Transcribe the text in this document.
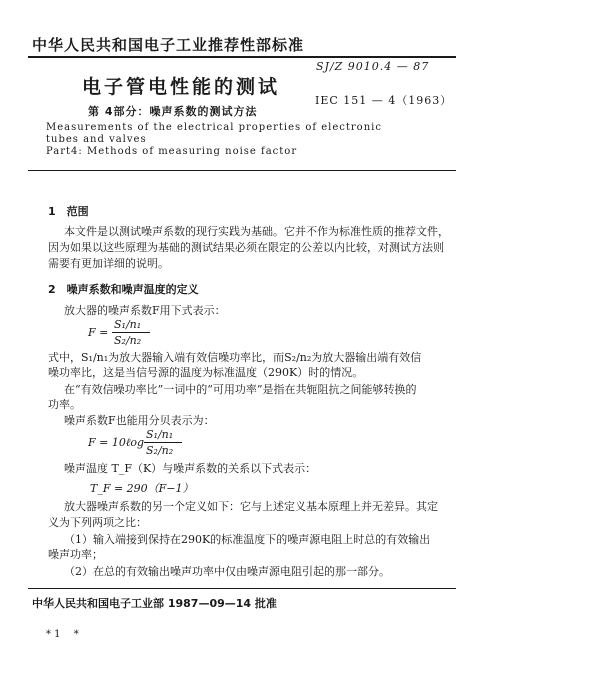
中华人民共和国电子工业推荐性部标准
SJ/Z 9010.4 — 87
电子管电性能的测试
IEC 151 — 4（1963）
第 4部分：噪声系数的测试方法
Measurements of the electrical properties of electronic
tubes and valves
Part4: Methods of measuring noise factor
1　范围
本文件是以测试噪声系数的现行实践为基础。它并不作为标准性质的推荐文件，
因为如果以这些原理为基础的测试结果必须在限定的公差以内比较，对测试方法则
需要有更加详细的说明。
2　噪声系数和噪声温度的定义
放大器的噪声系数F用下式表示：
F =
S₁/n₁
S₂/n₂
式中，S₁/n₁为放大器输入端有效信噪功率比，而S₂/n₂为放大器输出端有效信
噪功率比，这是当信号源的温度为标准温度（290K）时的情况。
在“有效信噪功率比”一词中的“可用功率”是指在共轭阻抗之间能够转换的
功率。
噪声系数F也能用分贝表示为：
F = 10ℓog
S₁/n₁
S₂/n₂
噪声温度 T_F（K）与噪声系数的关系以下式表示：
T_F = 290（F−1）
放大器噪声系数的另一个定义如下：它与上述定义基本原理上并无差异。其定
义为下列两项之比：
（1）输入端接到保持在290K的标准温度下的噪声源电阻上时总的有效输出
噪声功率；
（2）在总的有效输出噪声功率中仅由噪声源电阻引起的那一部分。
中华人民共和国电子工业部 1987—09—14 批准
* 1　 *
